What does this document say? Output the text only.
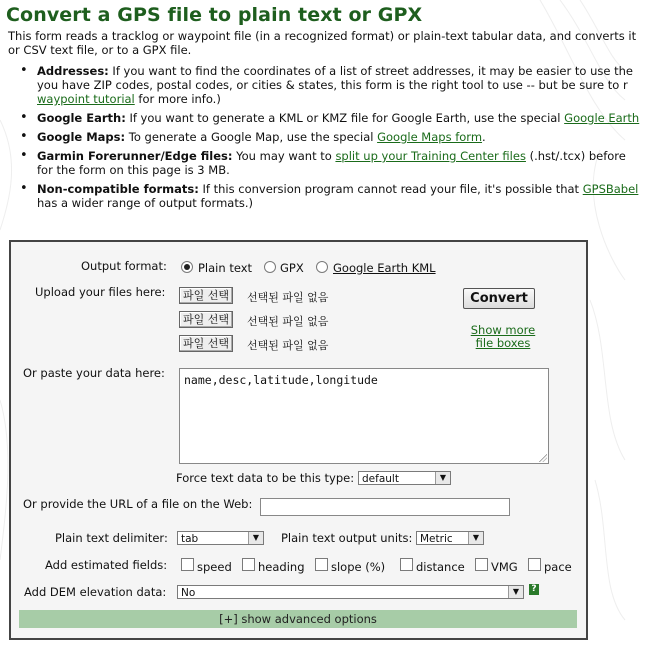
Convert a GPS file to plain text or GPX
This form reads a tracklog or waypoint file (in a recognized format) or plain-text tabular data, and converts it
or CSV text file, or to a GPX file.
• Addresses: If you want to find the coordinates of a list of street addresses, it may be easier to use the
you have ZIP codes, postal codes, or cities & states, this form is the right tool to use -- but be sure to r
waypoint tutorial for more info.)
• Google Earth: If you want to generate a KML or KMZ file for Google Earth, use the special Google Earth
• Google Maps: To generate a Google Map, use the special Google Maps form.
• Garmin Forerunner/Edge files: You may want to split up your Training Center files (.hst/.tcx) before
for the form on this page is 3 MB.
• Non-compatible formats: If this conversion program cannot read your file, it's possible that GPSBabel
has a wider range of output formats.)
Output format:	Plain text GPX	Google Earth KML
Upload your files here:	파일 선택	선택된 파일 없음
파일 선택	선택된 파일 없음
파일 선택	선택된 파일 없음
Convert
Show more
file boxes
Or paste your data here:	name,desc,latitude,longitude
Force text data to be this type: default	▼
Or provide the URL of a file on the Web:
Plain text delimiter:	tab	▼	Plain text output units: Metric	▼
Add estimated fields:	speed heading slope (%)	distance VMG pace
Add DEM elevation data:	No	▼	?
[+] show advanced options
